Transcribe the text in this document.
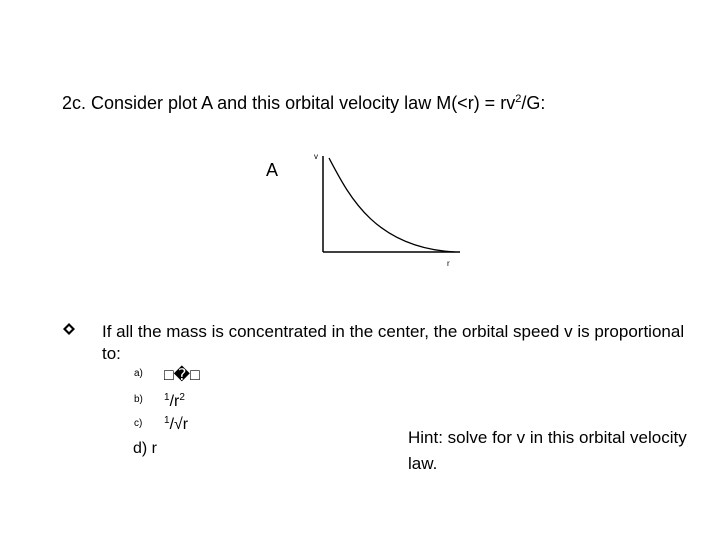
2c. Consider plot A and this orbital velocity law $M(<r) = rv^2/G$:
A
v
r
If all the mass is concentrated in the center, the orbital speed v is proportional to:
a) □�□
b) $^1/r^2$
c) $^1$/√r
d) r
Hint: solve for v in this orbital velocity law.
